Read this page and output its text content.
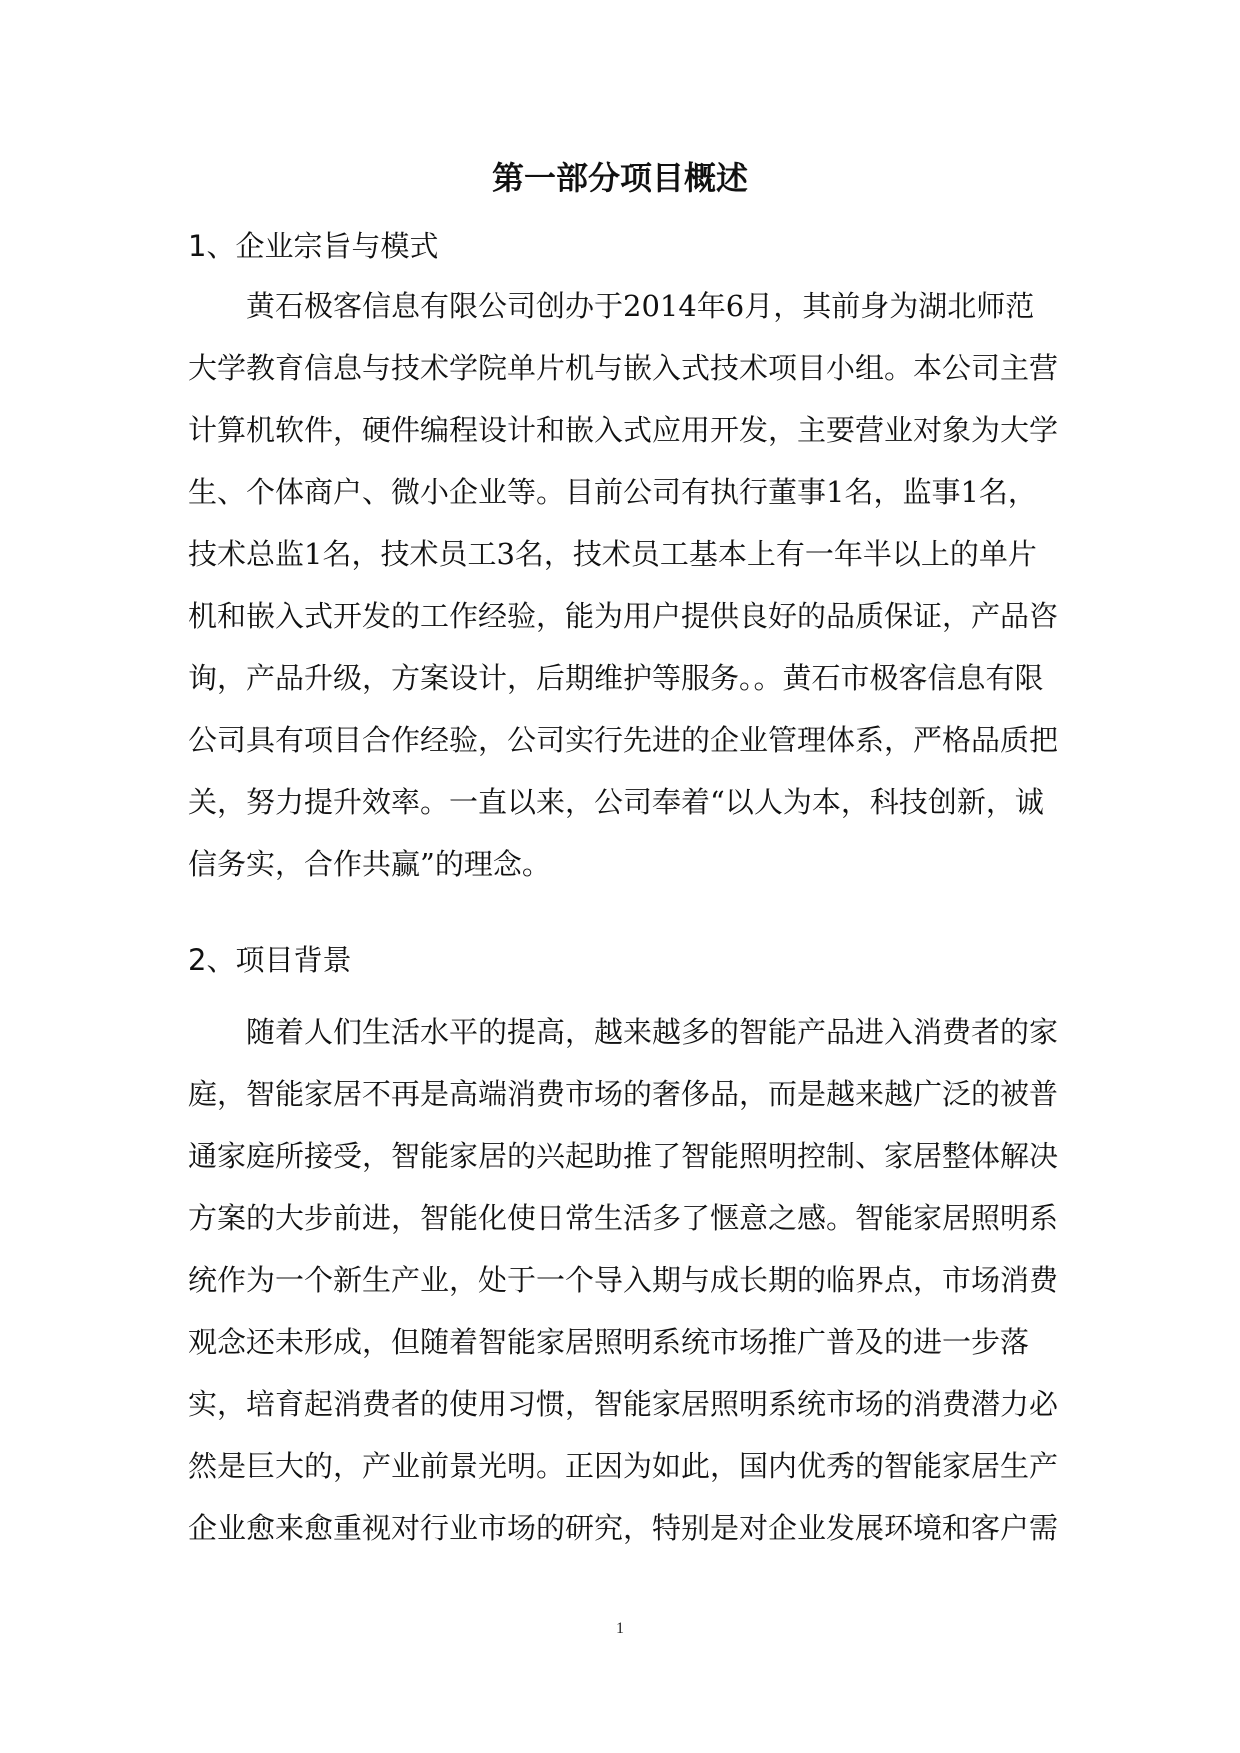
第一部分项目概述
1、企业宗旨与模式
　　黄石极客信息有限公司创办于2014年6月，其前身为湖北师范
大学教育信息与技术学院单片机与嵌入式技术项目小组。本公司主营
计算机软件，硬件编程设计和嵌入式应用开发，主要营业对象为大学
生、个体商户、微小企业等。目前公司有执行董事1名，监事1名，
技术总监1名，技术员工3名，技术员工基本上有一年半以上的单片
机和嵌入式开发的工作经验，能为用户提供良好的品质保证，产品咨
询，产品升级，方案设计，后期维护等服务。。黄石市极客信息有限
公司具有项目合作经验，公司实行先进的企业管理体系，严格品质把
关，努力提升效率。一直以来，公司奉着“以人为本，科技创新，诚
信务实，合作共赢”的理念。
2、项目背景
　　随着人们生活水平的提高，越来越多的智能产品进入消费者的家
庭，智能家居不再是高端消费市场的奢侈品，而是越来越广泛的被普
通家庭所接受，智能家居的兴起助推了智能照明控制、家居整体解决
方案的大步前进，智能化使日常生活多了惬意之感。智能家居照明系
统作为一个新生产业，处于一个导入期与成长期的临界点，市场消费
观念还未形成，但随着智能家居照明系统市场推广普及的进一步落
实，培育起消费者的使用习惯，智能家居照明系统市场的消费潜力必
然是巨大的，产业前景光明。正因为如此，国内优秀的智能家居生产
企业愈来愈重视对行业市场的研究，特别是对企业发展环境和客户需
1
